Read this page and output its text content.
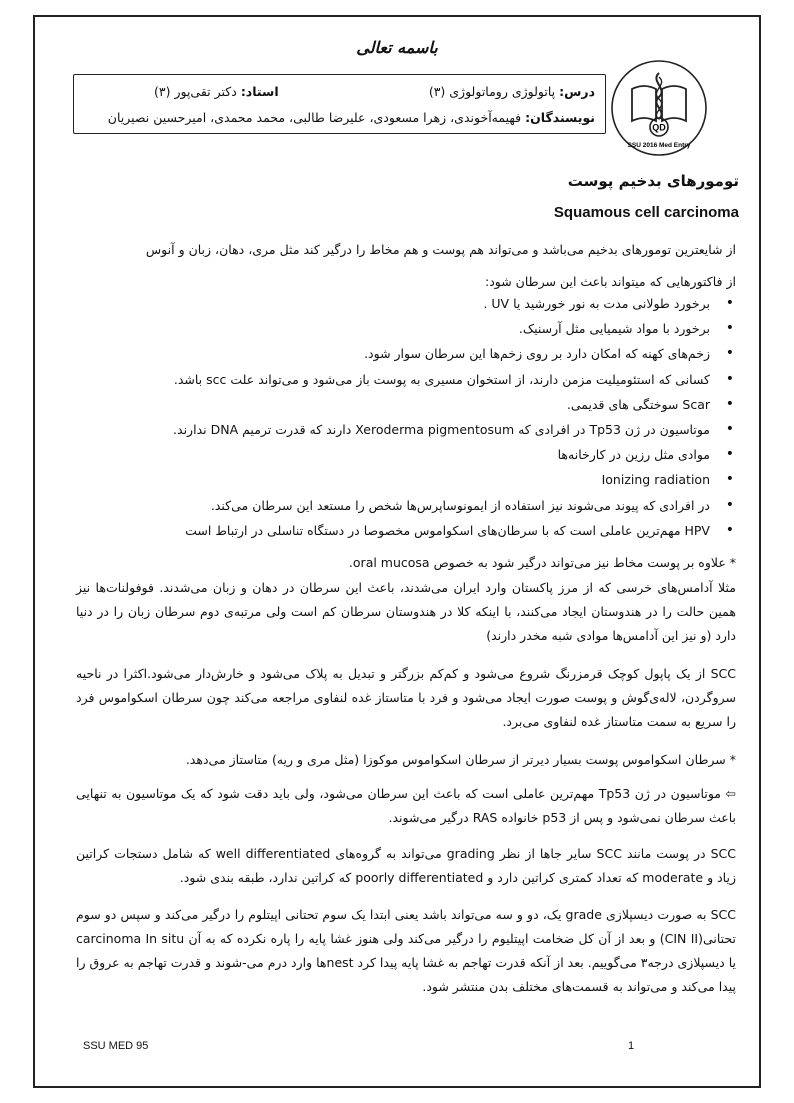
باسمه تعالی
QD
SSU 2016 Med Entry
درس: پاتولوژی روماتولوژی (۳)
استاد: دکتر تقی‌پور (۳)
نویسندگان:

فهیمه‌آخوندی، زهرا مسعودی، علیرضا طالبی، محمد محمدی، امیرحسین نصیریان
تومورهای بدخیم پوست
Squamous cell carcinoma
از شایعترین تومورهای بدخیم می‌باشد و می‌تواند هم پوست و هم مخاط را درگیر کند مثل مری، دهان، زبان و آنوس
از فاکتورهایی که میتواند باعث این سرطان شود:
• برخورد طولانی مدت به نور خورشید یا UV .
• برخورد با مواد شیمیایی مثل آرسنیک.
• زخم‌های کهنه که امکان دارد بر روی زخم‌ها این سرطان سوار شود.
• کسانی که استئومیلیت مزمن دارند، از استخوان مسیری به پوست باز می‌شود و می‌تواند علت scc باشد.
• Scar سوختگی های قدیمی.
• موتاسیون در ژن Tp53 در افرادی که Xeroderma pigmentosum دارند که قدرت ترمیم DNA ندارند.
• موادی مثل رزین در کارخانه‌ها
• Ionizing radiation
• در افرادی که پیوند می‌شوند نیز استفاده از ایمونوساپرس‌ها شخص را مستعد این سرطان می‌کند.
• HPV مهم‌ترین عاملی است که با سرطان‌های اسکواموس مخصوصا در دستگاه تناسلی در ارتباط است
* علاوه بر پوست مخاط نیز می‌تواند درگیر شود به خصوص oral mucosa.
مثلا آدامس‌های خرسی که از مرز پاکستان وارد ایران می‌شدند، باعث این سرطان در دهان و زبان می‌شدند. فوفولنات‌ها نیز همین حالت را در هندوستان ایجاد می‌کنند، با اینکه کلا در هندوستان سرطان کم است ولی مرتبه‌ی دوم سرطان زبان را در دنیا دارد (و نیز این آدامس‌ها موادی شبه مخدر دارند)
SCC از یک پاپول کوچک قرمزرنگ شروع می‌شود و کم‌کم بزرگتر و تبدیل به پلاک می‌شود و خارش‌دار می‌شود.اکثرا در ناحیه سروگردن، لاله‌ی‌گوش و پوست صورت ایجاد می‌شود و فرد با متاستاز غده لنفاوی مراجعه می‌کند چون سرطان اسکواموس فرد را سریع به سمت متاستاز غده لنفاوی می‌برد.
* سرطان اسکواموس پوست بسیار دیرتر از سرطان اسکواموس موکوزا (مثل مری و ریه) متاستاز می‌دهد.
⇦ موتاسیون در ژن Tp53 مهم‌ترین عاملی است که باعث این سرطان می‌شود، ولی باید دقت شود که یک موتاسیون به تنهایی باعث سرطان نمی‌شود و پس از p53 خانواده RAS درگیر می‌شوند.
SCC در پوست مانند SCC سایر جاها از نظر grading می‌تواند به گروه‌های well differentiated که شامل دستجات کراتین زیاد و moderate که تعداد کمتری کراتین دارد و poorly differentiated که کراتین ندارد، طبقه بندی شود.
SCC به صورت دیسپلازی grade یک، دو و سه می‌تواند باشد یعنی ابتدا یک سوم تحتانی اپیتلوم را درگیر می‌کند و سپس دو سوم تحتانی(CIN II) و بعد از آن کل ضخامت اپیتلیوم را درگیر می‌کند ولی هنوز غشا پایه را پاره نکرده که به آن carcinoma In situ یا دیسپلازی درجه۳ می‌گوییم. بعد از آنکه قدرت تهاجم به غشا پایه پیدا کرد nestها وارد درم می-شوند و قدرت تهاجم به عروق را پیدا می‌کند و می‌تواند به قسمت‌های مختلف بدن منتشر شود.
SSU MED 95	1
